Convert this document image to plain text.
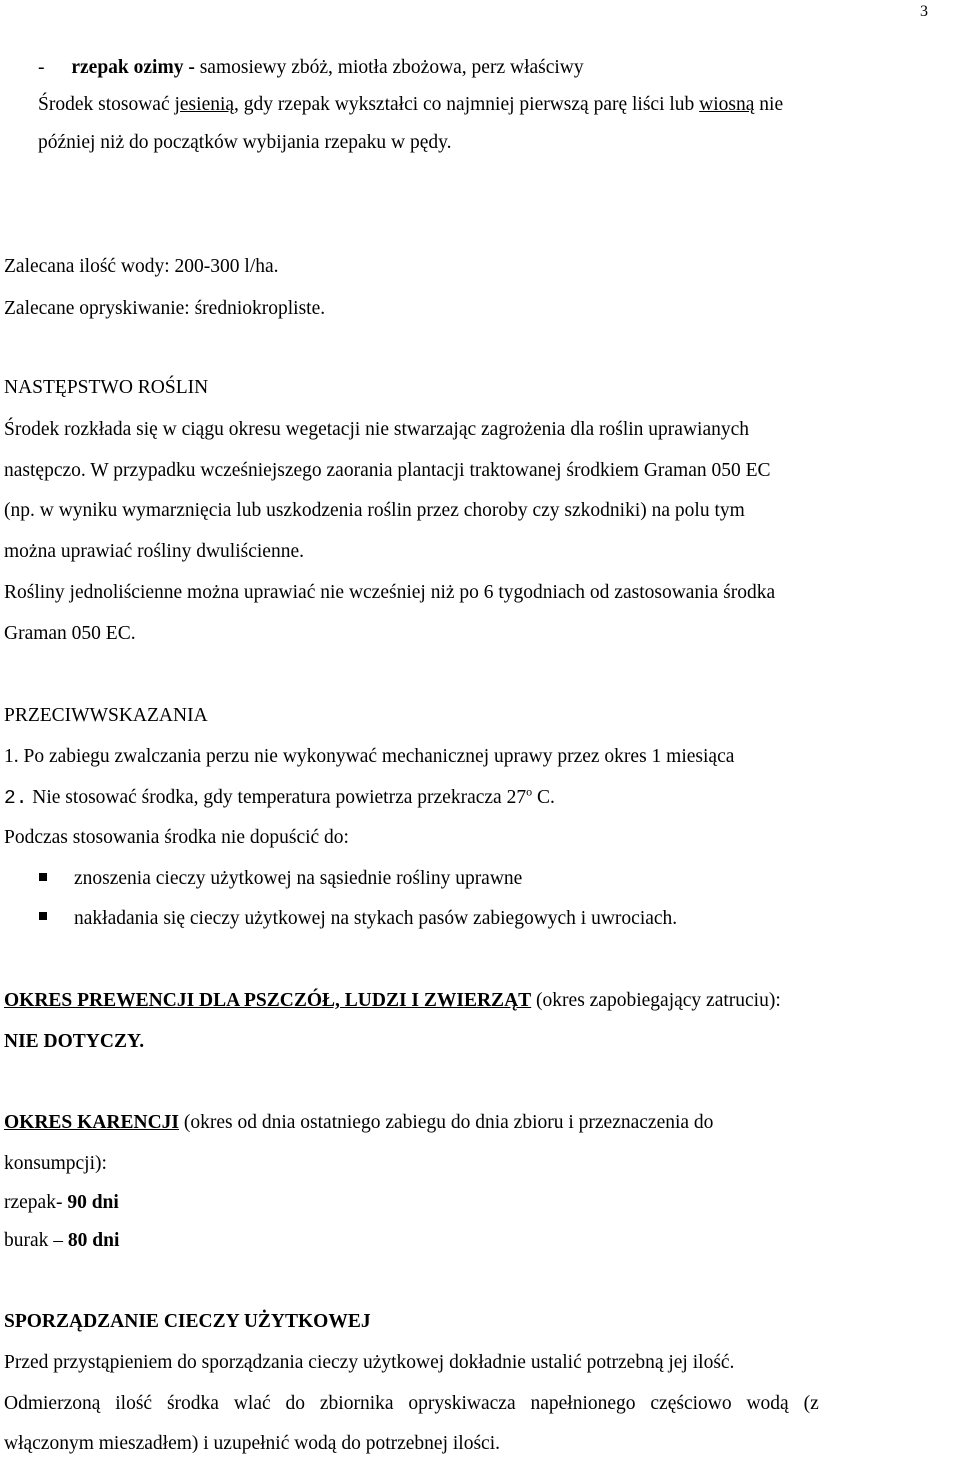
3
- rzepak ozimy - samosiewy zbóż, miotła zbożowa, perz właściwy
Środek stosować jesienią, gdy rzepak wykształci co najmniej pierwszą parę liści lub wiosną nie
później niż do początków wybijania rzepaku w pędy.
Zalecana ilość wody: 200-300 l/ha.
Zalecane opryskiwanie: średniokropliste.
NASTĘPSTWO ROŚLIN
Środek rozkłada się w ciągu okresu wegetacji nie stwarzając zagrożenia dla roślin uprawianych
następczo. W przypadku wcześniejszego zaorania plantacji traktowanej środkiem Graman 050 EC
(np. w wyniku wymarznięcia lub uszkodzenia roślin przez choroby czy szkodniki) na polu tym
można uprawiać rośliny dwuliścienne.
Rośliny jednoliścienne można uprawiać nie wcześniej niż po 6 tygodniach od zastosowania środka
Graman 050 EC.
PRZECIWWSKAZANIA
1. Po zabiegu zwalczania perzu nie wykonywać mechanicznej uprawy przez okres 1 miesiąca
2. Nie stosować środka, gdy temperatura powietrza przekracza 27$^o$ C.
Podczas stosowania środka nie dopuścić do:
znoszenia cieczy użytkowej na sąsiednie rośliny uprawne
nakładania się cieczy użytkowej na stykach pasów zabiegowych i uwrociach.
OKRES PREWENCJI DLA PSZCZÓŁ, LUDZI I ZWIERZĄT (okres zapobiegający zatruciu):
NIE DOTYCZY.
OKRES KARENCJI (okres od dnia ostatniego zabiegu do dnia zbioru i przeznaczenia do
konsumpcji):
rzepak- 90 dni
burak – 80 dni
SPORZĄDZANIE CIECZY UŻYTKOWEJ
Przed przystąpieniem do sporządzania cieczy użytkowej dokładnie ustalić potrzebną jej ilość.
Odmierzoną ilość środka wlać do zbiornika opryskiwacza napełnionego częściowo wodą (z
włączonym mieszadłem) i uzupełnić wodą do potrzebnej ilości.
